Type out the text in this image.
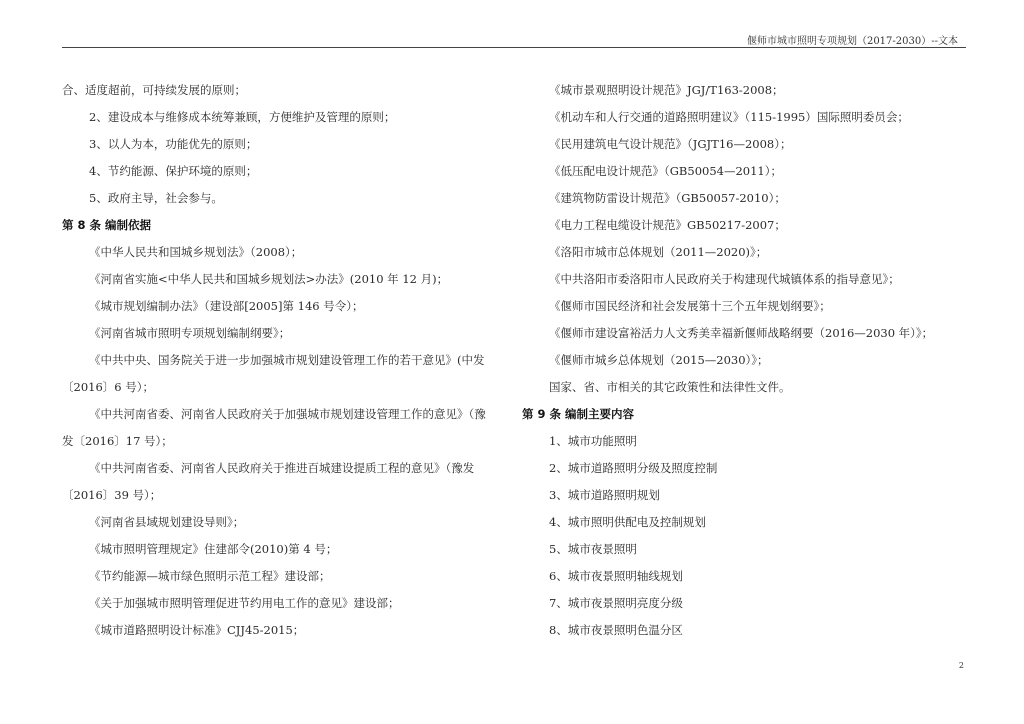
偃师市城市照明专项规划（2017-2030）--文本
合、适度超前，可持续发展的原则；
2、建设成本与维修成本统筹兼顾，方便维护及管理的原则；
3、以人为本，功能优先的原则；
4、节约能源、保护环境的原则；
5、政府主导，社会参与。
第 8 条 编制依据
《中华人民共和国城乡规划法》（2008）；
《河南省实施<中华人民共和国城乡规划法>办法》(2010 年 12 月)；
《城市规划编制办法》（建设部[2005]第 146 号令）；
《河南省城市照明专项规划编制纲要》；
《中共中央、国务院关于进一步加强城市规划建设管理工作的若干意见》(中发
〔2016〕6 号）；
《中共河南省委、河南省人民政府关于加强城市规划建设管理工作的意见》（豫
发〔2016〕17 号）；
《中共河南省委、河南省人民政府关于推进百城建设提质工程的意见》（豫发
〔2016〕39 号）；
《河南省县域规划建设导则》；
《城市照明管理规定》住建部令(2010)第 4 号；
《节约能源—城市绿色照明示范工程》建设部；
《关于加强城市照明管理促进节约用电工作的意见》建设部；
《城市道路照明设计标准》CJJ45-2015；
《城市景观照明设计规范》JGJ/T163-2008；
《机动车和人行交通的道路照明建议》（115-1995）国际照明委员会；
《民用建筑电气设计规范》（JGJT16—2008）；
《低压配电设计规范》（GB50054—2011）；
《建筑物防雷设计规范》（GB50057-2010）；
《电力工程电缆设计规范》GB50217-2007；
《洛阳市城市总体规划（2011—2020)》；
《中共洛阳市委洛阳市人民政府关于构建现代城镇体系的指导意见》；
《偃师市国民经济和社会发展第十三个五年规划纲要》；
《偃师市建设富裕活力人文秀美幸福新偃师战略纲要（2016—2030 年）》；
《偃师市城乡总体规划（2015—2030）》；
国家、省、市相关的其它政策性和法律性文件。
第 9 条 编制主要内容
1、城市功能照明
2、城市道路照明分级及照度控制
3、城市道路照明规划
4、城市照明供配电及控制规划
5、城市夜景照明
6、城市夜景照明轴线规划
7、城市夜景照明亮度分级
8、城市夜景照明色温分区
2
